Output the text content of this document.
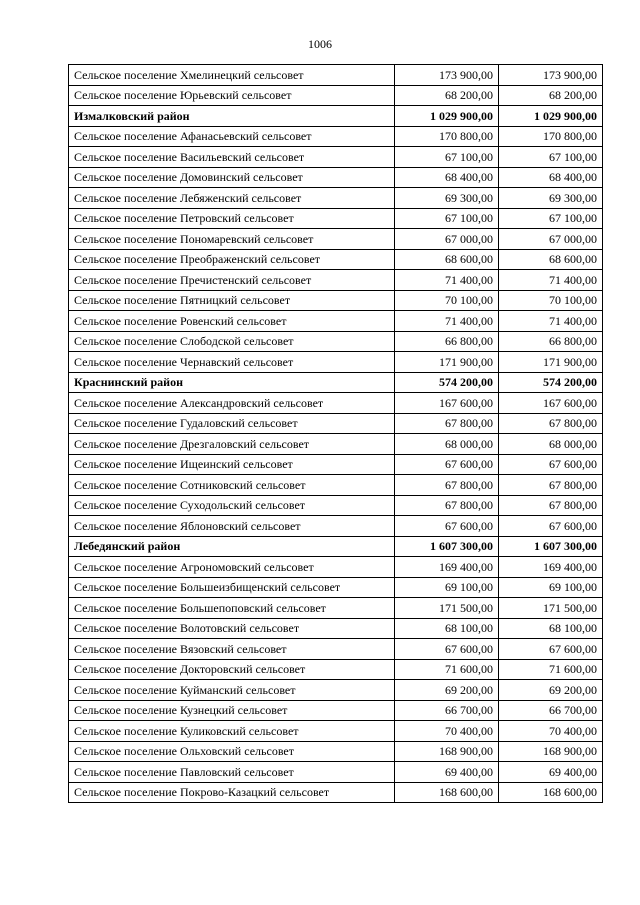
1006
Сельское поселение Хмелинецкий сельсовет	173 900,00	173 900,00
Сельское поселение Юрьевский сельсовет	68 200,00	68 200,00
Измалковский район	1 029 900,00	1 029 900,00
Сельское поселение Афанасьевский сельсовет	170 800,00	170 800,00
Сельское поселение Васильевский сельсовет	67 100,00	67 100,00
Сельское поселение Домовинский сельсовет	68 400,00	68 400,00
Сельское поселение Лебяженский сельсовет	69 300,00	69 300,00
Сельское поселение Петровский сельсовет	67 100,00	67 100,00
Сельское поселение Пономаревский сельсовет	67 000,00	67 000,00
Сельское поселение Преображенский сельсовет	68 600,00	68 600,00
Сельское поселение Пречистенский сельсовет	71 400,00	71 400,00
Сельское поселение Пятницкий сельсовет	70 100,00	70 100,00
Сельское поселение Ровенский сельсовет	71 400,00	71 400,00
Сельское поселение Слободской сельсовет	66 800,00	66 800,00
Сельское поселение Чернавский сельсовет	171 900,00	171 900,00
Краснинский район	574 200,00	574 200,00
Сельское поселение Александровский сельсовет	167 600,00	167 600,00
Сельское поселение Гудаловский сельсовет	67 800,00	67 800,00
Сельское поселение Дрезгаловский сельсовет	68 000,00	68 000,00
Сельское поселение Ищеинский сельсовет	67 600,00	67 600,00
Сельское поселение Сотниковский сельсовет	67 800,00	67 800,00
Сельское поселение Суходольский сельсовет	67 800,00	67 800,00
Сельское поселение Яблоновский сельсовет	67 600,00	67 600,00
Лебедянский район	1 607 300,00	1 607 300,00
Сельское поселение Агрономовский сельсовет	169 400,00	169 400,00
Сельское поселение Большеизбищенский сельсовет	69 100,00	69 100,00
Сельское поселение Большепоповский сельсовет	171 500,00	171 500,00
Сельское поселение Волотовский сельсовет	68 100,00	68 100,00
Сельское поселение Вязовский сельсовет	67 600,00	67 600,00
Сельское поселение Докторовский сельсовет	71 600,00	71 600,00
Сельское поселение Куйманский сельсовет	69 200,00	69 200,00
Сельское поселение Кузнецкий сельсовет	66 700,00	66 700,00
Сельское поселение Куликовский сельсовет	70 400,00	70 400,00
Сельское поселение Ольховский сельсовет	168 900,00	168 900,00
Сельское поселение Павловский сельсовет	69 400,00	69 400,00
Сельское поселение Покрово-Казацкий сельсовет	168 600,00	168 600,00
